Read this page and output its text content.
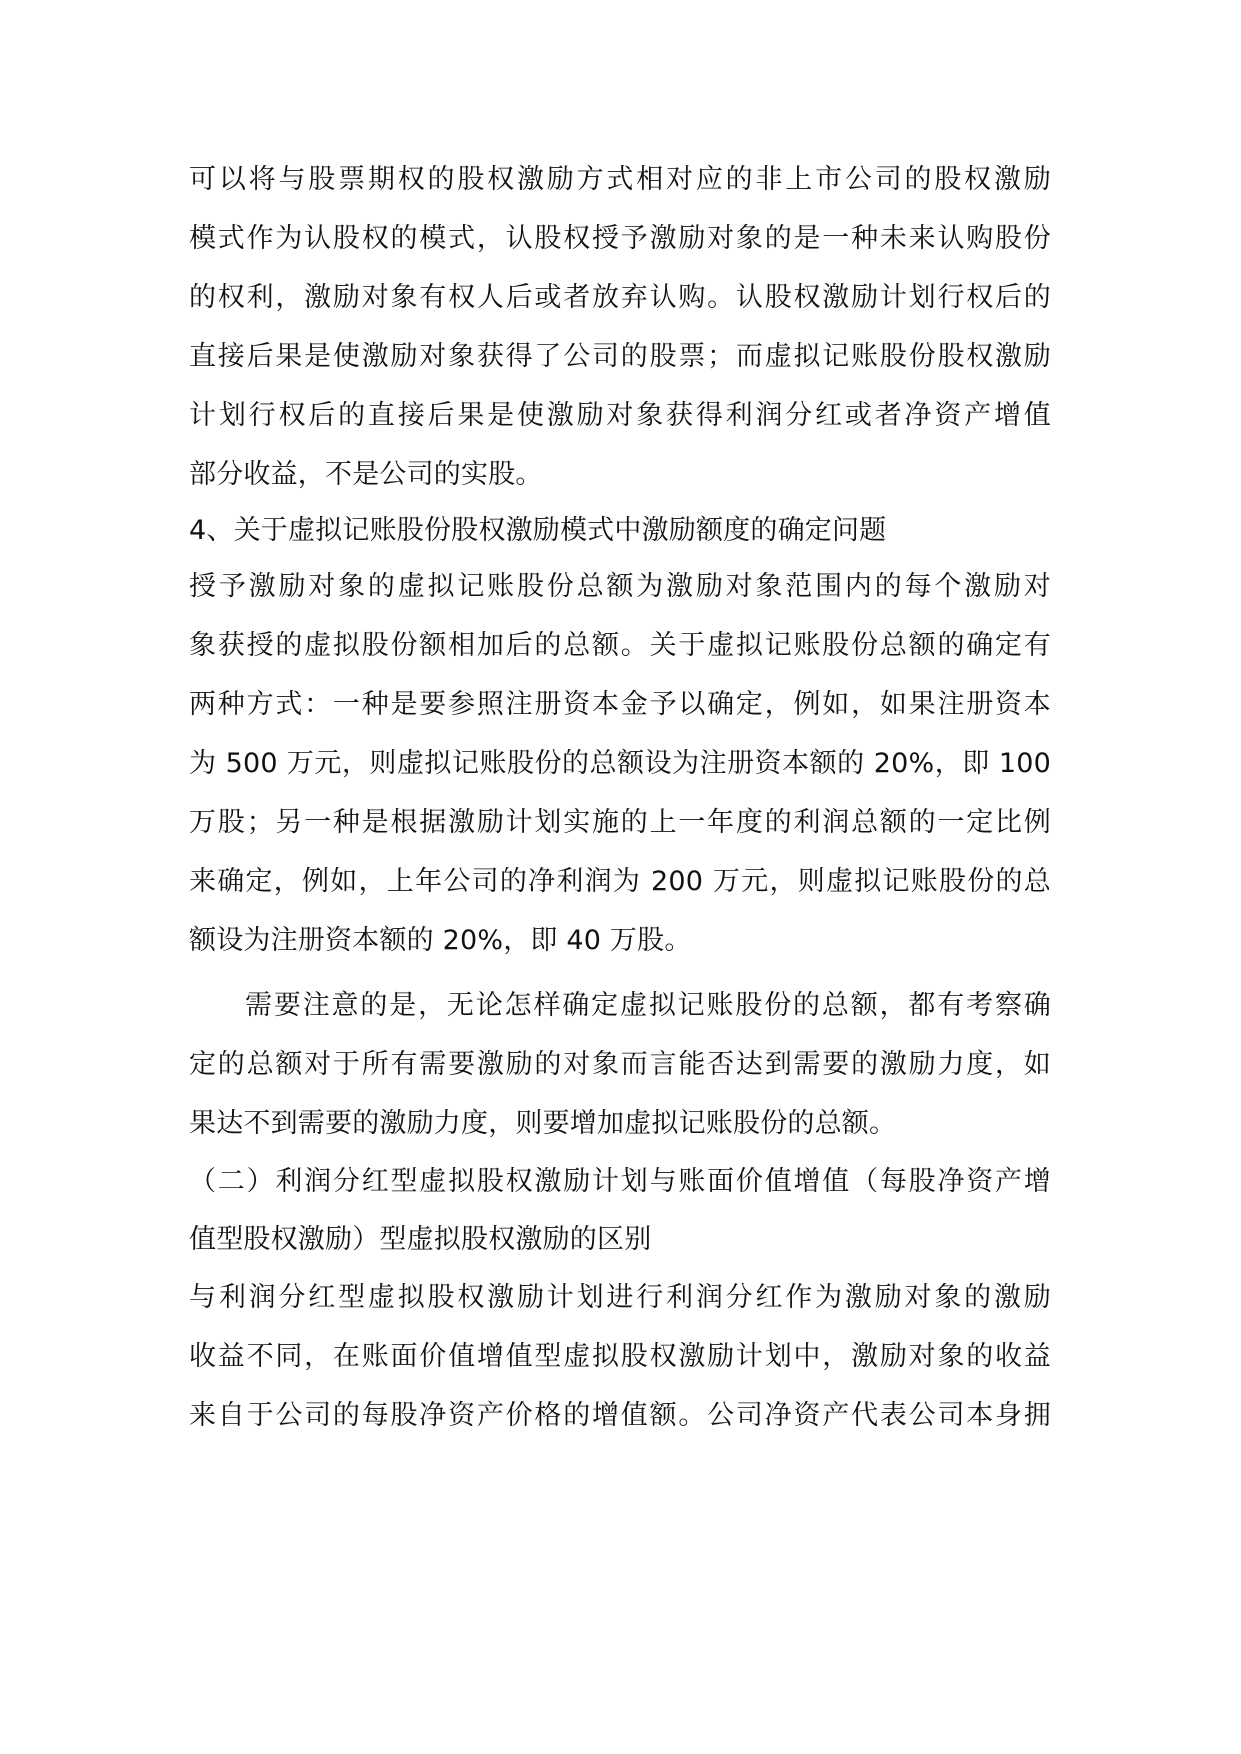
可以将与股票期权的股权激励方式相对应的非上市公司的股权激励
模式作为认股权的模式，认股权授予激励对象的是一种未来认购股份
的权利，激励对象有权人后或者放弃认购。认股权激励计划行权后的
直接后果是使激励对象获得了公司的股票；而虚拟记账股份股权激励
计划行权后的直接后果是使激励对象获得利润分红或者净资产增值
部分收益，不是公司的实股。
4、关于虚拟记账股份股权激励模式中激励额度的确定问题
授予激励对象的虚拟记账股份总额为激励对象范围内的每个激励对
象获授的虚拟股份额相加后的总额。关于虚拟记账股份总额的确定有
两种方式：一种是要参照注册资本金予以确定，例如，如果注册资本
为 500 万元，则虚拟记账股份的总额设为注册资本额的 20%，即 100
万股；另一种是根据激励计划实施的上一年度的利润总额的一定比例
来确定，例如，上年公司的净利润为 200 万元，则虚拟记账股份的总
额设为注册资本额的 20%，即 40 万股。
需要注意的是，无论怎样确定虚拟记账股份的总额，都有考察确
定的总额对于所有需要激励的对象而言能否达到需要的激励力度，如
果达不到需要的激励力度，则要增加虚拟记账股份的总额。
（二）利润分红型虚拟股权激励计划与账面价值增值（每股净资产增
值型股权激励）型虚拟股权激励的区别
与利润分红型虚拟股权激励计划进行利润分红作为激励对象的激励
收益不同，在账面价值增值型虚拟股权激励计划中，激励对象的收益
来自于公司的每股净资产价格的增值额。公司净资产代表公司本身拥
